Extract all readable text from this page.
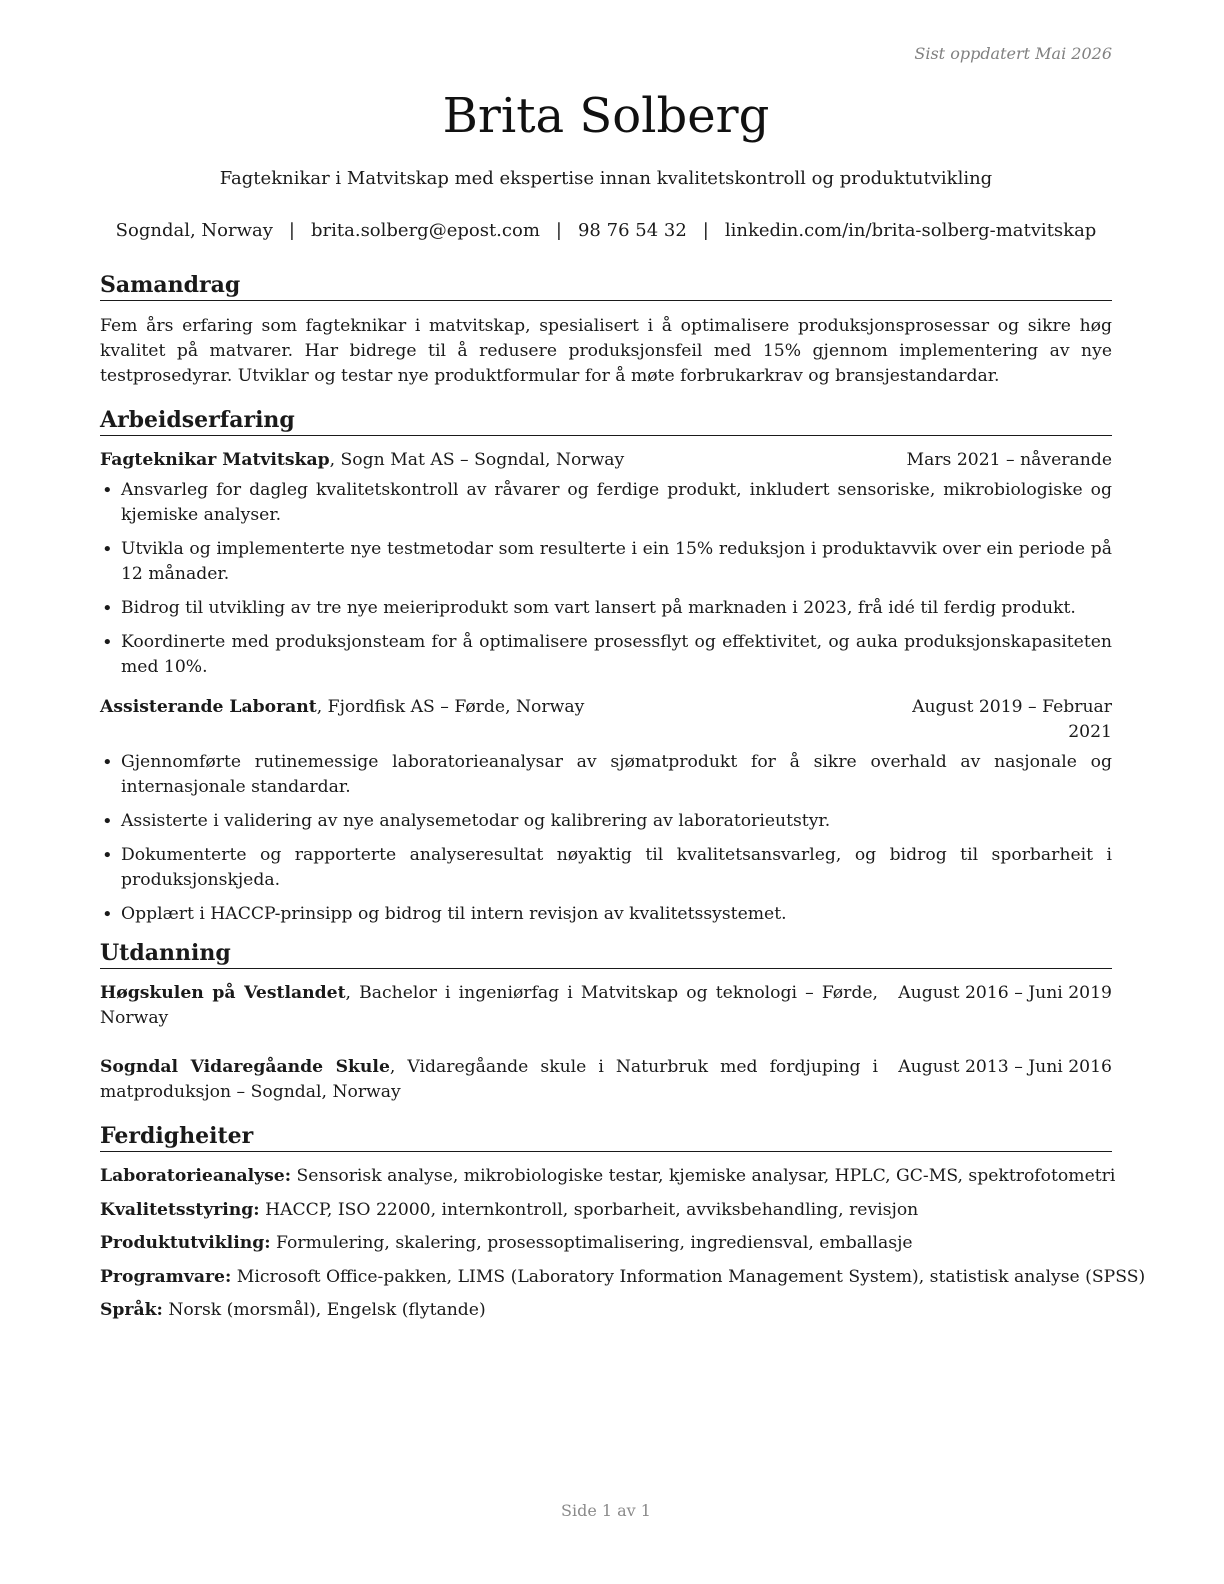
Sist oppdatert Mai 2026
Brita Solberg
Fagteknikar i Matvitskap med ekspertise innan kvalitetskontroll og produktutvikling
Sogndal, Norway | brita.solberg@epost.com | 98 76 54 32 | linkedin.com/in/brita-solberg-matvitskap
Samandrag
Fem års erfaring som fagteknikar i matvitskap, spesialisert i å optimalisere produksjonsprosessar og sikre høg kvalitet på matvarer. Har bidrege til å redusere produksjonsfeil med 15% gjennom implementering av nye testprosedyrar. Utviklar og testar nye produktformular for å møte forbrukarkrav og bransjestandardar.
Arbeidserfaring
Fagteknikar Matvitskap, Sogn Mat AS – Sogndal, Norway	Mars 2021 – nåverande
• Ansvarleg for dagleg kvalitetskontroll av råvarer og ferdige produkt, inkludert sensoriske, mikrobiologiske og kjemiske analyser.
• Utvikla og implementerte nye testmetodar som resulterte i ein 15% reduksjon i produktavvik over ein periode på 12 månader.
• Bidrog til utvikling av tre nye meieriprodukt som vart lansert på marknaden i 2023, frå idé til ferdig produkt.
• Koordinerte med produksjonsteam for å optimalisere prosessflyt og effektivitet, og auka produksjonskapasiteten med 10%.
Assisterande Laborant, Fjordfisk AS – Førde, Norway	August 2019 – Februar 2021
• Gjennomførte rutinemessige laboratorieanalysar av sjømatprodukt for å sikre overhald av nasjonale og internasjonale standardar.
• Assisterte i validering av nye analysemetodar og kalibrering av laboratorieutstyr.
• Dokumenterte og rapporterte analyseresultat nøyaktig til kvalitetsansvarleg, og bidrog til sporbarheit i produksjonskjeda.
• Opplært i HACCP-prinsipp og bidrog til intern revisjon av kvalitetssystemet.
Utdanning
Høgskulen på Vestlandet, Bachelor i ingeniørfag i Matvitskap og teknologi – Førde, Norway
August 2016 – Juni 2019
Sogndal Vidaregåande Skule, Vidaregåande skule i Naturbruk med fordjuping i matproduksjon – Sogndal, Norway
August 2013 – Juni 2016
Ferdigheiter
Laboratorieanalyse: Sensorisk analyse, mikrobiologiske testar, kjemiske analysar, HPLC, GC-MS, spektrofotometri
Kvalitetsstyring: HACCP, ISO 22000, internkontroll, sporbarheit, avviksbehandling, revisjon
Produktutvikling: Formulering, skalering, prosessoptimalisering, ingrediensval, emballasje
Programvare: Microsoft Office-pakken, LIMS (Laboratory Information Management System), statistisk analyse (SPSS)
Språk: Norsk (morsmål), Engelsk (flytande)
Side 1 av 1
